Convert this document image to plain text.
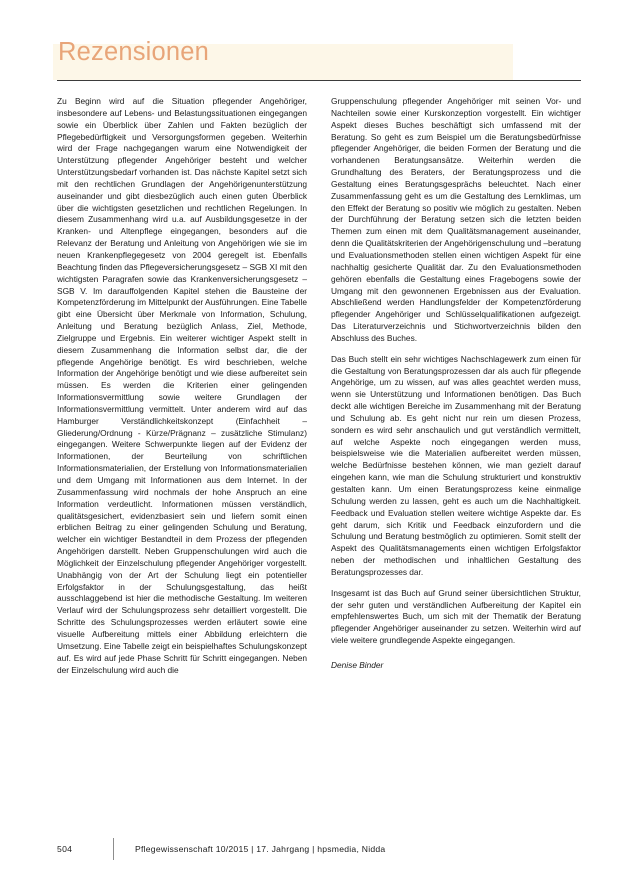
Rezensionen

Zu Beginn wird auf die Situation pflegender Angehöriger, insbesondere auf Lebens- und Belastungssituationen eingegangen sowie ein Überblick über Zahlen und Fakten bezüglich der Pflegebedürftigkeit und Versorgungsformen gegeben. Weiterhin wird der Frage nachgegangen warum eine Notwendigkeit der Unterstützung pflegender Angehöriger besteht und welcher Unterstützungsbedarf vorhanden ist. Das nächste Kapitel setzt sich mit den rechtlichen Grundlagen der Angehörigenunterstützung auseinander und gibt diesbezüglich auch einen guten Überblick über die wichtigsten gesetzlichen und rechtlichen Regelungen. In diesem Zusammenhang wird u.a. auf Ausbildungsgesetze in der Kranken- und Altenpflege eingegangen, besonders auf die Relevanz der Beratung und Anleitung von Angehörigen wie sie im neuen Krankenpflegegesetz von 2004 geregelt ist. Ebenfalls Beachtung finden das Pflegeversicherungsgesetz – SGB XI mit den wichtigsten Paragrafen sowie das Krankenversicherungsgesetz – SGB V. Im darauffolgenden Kapitel stehen die Bausteine der Kompetenzförderung im Mittelpunkt der Ausführungen. Eine Tabelle gibt eine Übersicht über Merkmale von Information, Schulung, Anleitung und Beratung bezüglich Anlass, Ziel, Methode, Zielgruppe und Ergebnis. Ein weiterer wichtiger Aspekt stellt in diesem Zusammenhang die Information selbst dar, die der pflegende Angehörige benötigt. Es wird beschrieben, welche Information der Angehörige benötigt und wie diese aufbereitet sein müssen. Es werden die Kriterien einer gelingenden Informationsvermittlung sowie weitere Grundlagen der Informationsvermittlung vermittelt. Unter anderem wird auf das Hamburger Verständlichkeitskonzept (Einfachheit – Gliederung/Ordnung - Kürze/Prägnanz – zusätzliche Stimulanz) eingegangen. Weitere Schwerpunkte liegen auf der Evidenz der Informationen, der Beurteilung von schriftlichen Informationsmaterialien, der Erstellung von Informationsmaterialien und dem Umgang mit Informationen aus dem Internet. In der Zusammenfassung wird nochmals der hohe Anspruch an eine Information verdeutlicht. Informationen müssen verständlich, qualitätsgesichert, evidenzbasiert sein und liefern somit einen erblichen Beitrag zu einer gelingenden Schulung und Beratung, welcher ein wichtiger Bestandteil in dem Prozess der pflegenden Angehörigen darstellt. Neben Gruppenschulungen wird auch die Möglichkeit der Einzelschulung pflegender Angehöriger vorgestellt. Unabhängig von der Art der Schulung liegt ein potentieller Erfolgsfaktor in der Schulungsgestaltung, das heißt ausschlaggebend ist hier die methodische Gestaltung. Im weiteren Verlauf wird der Schulungsprozess sehr detailliert vorgestellt. Die Schritte des Schulungsprozesses werden erläutert sowie eine visuelle Aufbereitung mittels einer Abbildung erleichtern die Umsetzung. Eine Tabelle zeigt ein beispielhaftes Schulungskonzept auf. Es wird auf jede Phase Schritt für Schritt eingegangen. Neben der Einzelschulung wird auch die

Gruppenschulung pflegender Angehöriger mit seinen Vor- und Nachteilen sowie einer Kurskonzeption vorgestellt. Ein wichtiger Aspekt dieses Buches beschäftigt sich umfassend mit der Beratung. So geht es zum Beispiel um die Beratungsbedürfnisse pflegender Angehöriger, die beiden Formen der Beratung und die vorhandenen Beratungsansätze. Weiterhin werden die Grundhaltung des Beraters, der Beratungsprozess und die Gestaltung eines Beratungsgesprächs beleuchtet. Nach einer Zusammenfassung geht es um die Gestaltung des Lernklimas, um den Effekt der Beratung so positiv wie möglich zu gestalten. Neben der Durchführung der Beratung setzen sich die letzten beiden Themen zum einen mit dem Qualitätsmanagement auseinander, denn die Qualitätskriterien der Angehörigenschulung und –beratung und Evaluationsmethoden stellen einen wichtigen Aspekt für eine nachhaltig gesicherte Qualität dar. Zu den Evaluationsmethoden gehören ebenfalls die Gestaltung eines Fragebogens sowie der Umgang mit den gewonnenen Ergebnissen aus der Evaluation. Abschließend werden Handlungsfelder der Kompetenzförderung pflegender Angehöriger und Schlüsselqualifikationen aufgezeigt. Das Literaturverzeichnis und Stichwortverzeichnis bilden den Abschluss des Buches.

Das Buch stellt ein sehr wichtiges Nachschlagewerk zum einen für die Gestaltung von Beratungsprozessen dar als auch für pflegende Angehörige, um zu wissen, auf was alles geachtet werden muss, wenn sie Unterstützung und Informationen benötigen. Das Buch deckt alle wichtigen Bereiche im Zusammenhang mit der Beratung und Schulung ab. Es geht nicht nur rein um diesen Prozess, sondern es wird sehr anschaulich und gut verständlich vermittelt, auf welche Aspekte noch eingegangen werden muss, beispielsweise wie die Materialien aufbereitet werden müssen, welche Bedürfnisse bestehen können, wie man gezielt darauf eingehen kann, wie man die Schulung strukturiert und konstruktiv gestalten kann. Um einen Beratungsprozess keine einmalige Schulung werden zu lassen, geht es auch um die Nachhaltigkeit. Feedback und Evaluation stellen weitere wichtige Aspekte dar. Es geht darum, sich Kritik und Feedback einzufordern und die Schulung und Beratung bestmöglich zu optimieren. Somit stellt der Aspekt des Qualitätsmanagements einen wichtigen Erfolgsfaktor neben der methodischen und inhaltlichen Gestaltung des Beratungsprozesses dar.

Insgesamt ist das Buch auf Grund seiner übersichtlichen Struktur, der sehr guten und verständlichen Aufbereitung der Kapitel ein empfehlenswertes Buch, um sich mit der Thematik der Beratung pflegender Angehöriger auseinander zu setzen. Weiterhin wird auf viele weitere grundlegende Aspekte eingegangen.

Denise Binder

504	Pflegewissenschaft 10/2015 | 17. Jahrgang | hpsmedia, Nidda
